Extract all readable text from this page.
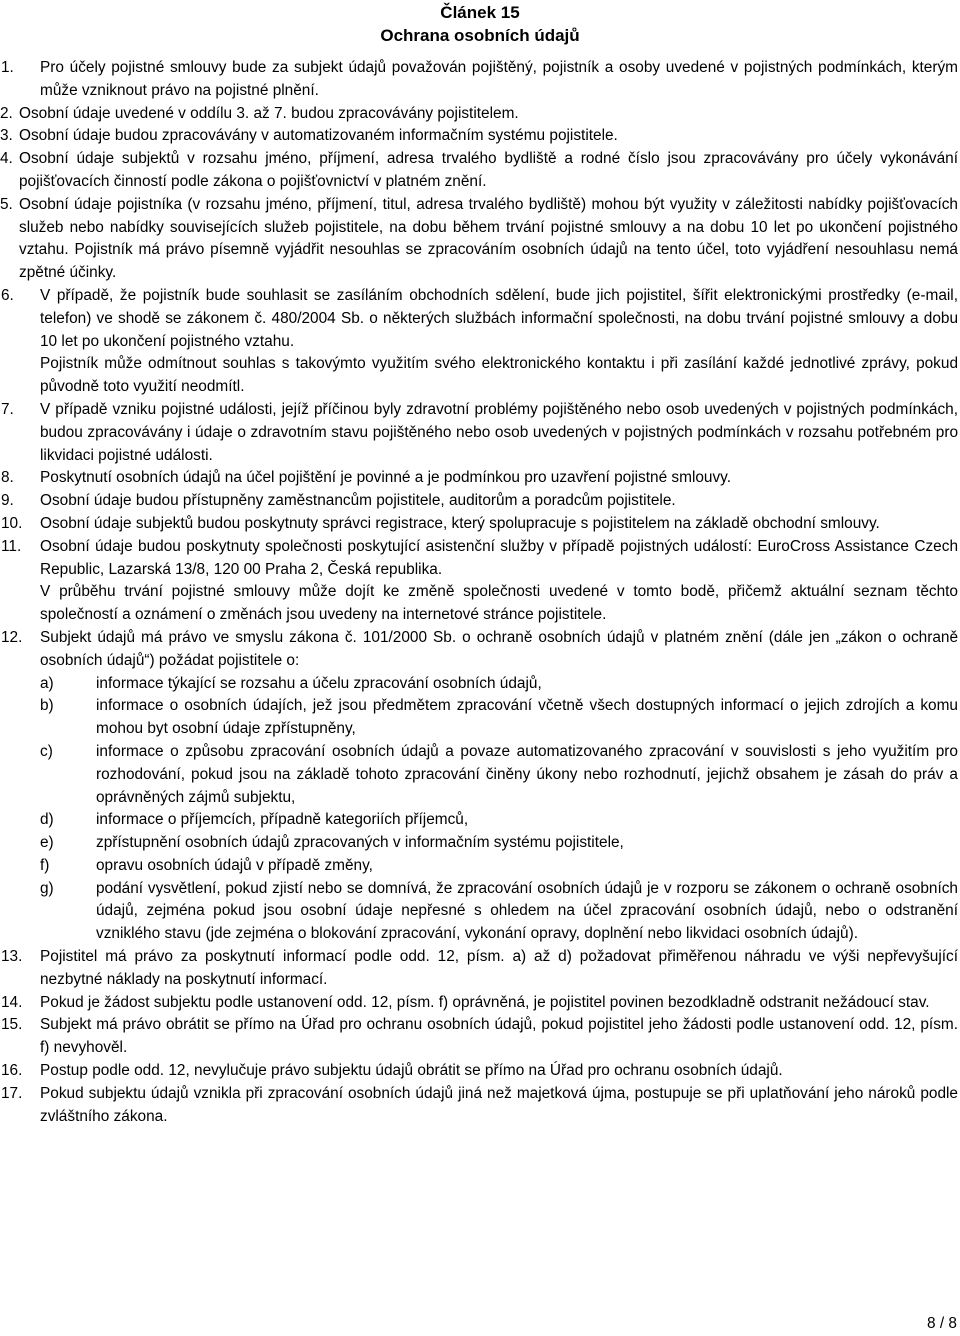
Článek 15
Ochrana osobních údajů
1.	Pro účely pojistné smlouvy bude za subjekt údajů považován pojištěný, pojistník a osoby uvedené v pojistných podmínkách, kterým může vzniknout právo na pojistné plnění.

2. Osobní údaje uvedené v oddílu 3. až 7. budou zpracovávány pojistitelem.

3. Osobní údaje budou zpracovávány v automatizovaném informačním systému pojistitele.

4. Osobní údaje subjektů v rozsahu jméno, příjmení, adresa trvalého bydliště a rodné číslo jsou zpracovávány pro účely vykonávání pojišťovacích činností podle zákona o pojišťovnictví v platném znění.

5. Osobní údaje pojistníka (v rozsahu jméno, příjmení, titul, adresa trvalého bydliště) mohou být využity v záležitosti nabídky pojišťovacích služeb nebo nabídky souvisejících služeb pojistitele, na dobu během trvání pojistné smlouvy a na dobu 10 let po ukončení pojistného vztahu. Pojistník má právo písemně vyjádřit nesouhlas se zpracováním osobních údajů na tento účel, toto vyjádření nesouhlasu nemá zpětné účinky.

6.	V případě, že pojistník bude souhlasit se zasíláním obchodních sdělení, bude jich pojistitel, šířit elektronickými prostředky (e-mail, telefon) ve shodě se zákonem č. 480/2004 Sb. o některých službách informační společnosti, na dobu trvání pojistné smlouvy a dobu 10 let po ukončení pojistného vztahu.

Pojistník může odmítnout souhlas s takovýmto využitím svého elektronického kontaktu i při zasílání každé jednotlivé zprávy, pokud původně toto využití neodmítl.

7.	V případě vzniku pojistné události, jejíž příčinou byly zdravotní problémy pojištěného nebo osob uvedených v pojistných podmínkách, budou zpracovávány i údaje o zdravotním stavu pojištěného nebo osob uvedených v pojistných podmínkách v rozsahu potřebném pro likvidaci pojistné události.

8.	Poskytnutí osobních údajů na účel pojištění je povinné a je podmínkou pro uzavření pojistné smlouvy.

9.	Osobní údaje budou přístupněny zaměstnancům pojistitele, auditorům a poradcům pojistitele.

10.	Osobní údaje subjektů budou poskytnuty správci registrace, který spolupracuje s pojistitelem na základě obchodní smlouvy.

11.	Osobní údaje budou poskytnuty společnosti poskytující asistenční služby v případě pojistných událostí: EuroCross Assistance Czech Republic, Lazarská 13/8, 120 00 Praha 2, Česká republika.

V průběhu trvání pojistné smlouvy může dojít ke změně společnosti uvedené v tomto bodě, přičemž aktuální seznam těchto společností a oznámení o změnách jsou uvedeny na internetové stránce pojistitele.

12.	Subjekt údajů má právo ve smyslu zákona č. 101/2000 Sb. o ochraně osobních údajů v platném znění (dále jen „zákon o ochraně osobních údajů“) požádat pojistitele o:

a)	informace týkající se rozsahu a účelu zpracování osobních údajů,
b)	informace o osobních údajích, jež jsou předmětem zpracování včetně všech dostupných informací o jejich zdrojích a komu mohou byt osobní údaje zpřístupněny,
c)	informace o způsobu zpracování osobních údajů a povaze automatizovaného zpracování v souvislosti s jeho využitím pro rozhodování, pokud jsou na základě tohoto zpracování činěny úkony nebo rozhodnutí, jejichž obsahem je zásah do práv a oprávněných zájmů subjektu,
d)	informace o příjemcích, případně kategoriích příjemců,
e)	zpřístupnění osobních údajů zpracovaných v informačním systému pojistitele,
f)	opravu osobních údajů v případě změny,
g)	podání vysvětlení, pokud zjistí nebo se domnívá, že zpracování osobních údajů je v rozporu se zákonem o ochraně osobních údajů, zejména pokud jsou osobní údaje nepřesné s ohledem na účel zpracování osobních údajů, nebo o odstranění vzniklého stavu (jde zejména o blokování zpracování, vykonání opravy, doplnění nebo likvidaci osobních údajů).
13.	Pojistitel má právo za poskytnutí informací podle odd. 12, písm. a) až d) požadovat přiměřenou náhradu ve výši nepřevyšující nezbytné náklady na poskytnutí informací.

14.	Pokud je žádost subjektu podle ustanovení odd. 12, písm. f) oprávněná, je pojistitel povinen bezodkladně odstranit nežádoucí stav.

15.	Subjekt má právo obrátit se přímo na Úřad pro ochranu osobních údajů, pokud pojistitel jeho žádosti podle ustanovení odd. 12, písm. f) nevyhověl.

16.	Postup podle odd. 12, nevylučuje právo subjektu údajů obrátit se přímo na Úřad pro ochranu osobních údajů.

17.	Pokud subjektu údajů vznikla při zpracování osobních údajů jiná než majetková újma, postupuje se při uplatňování jeho nároků podle zvláštního zákona.

8 / 8
